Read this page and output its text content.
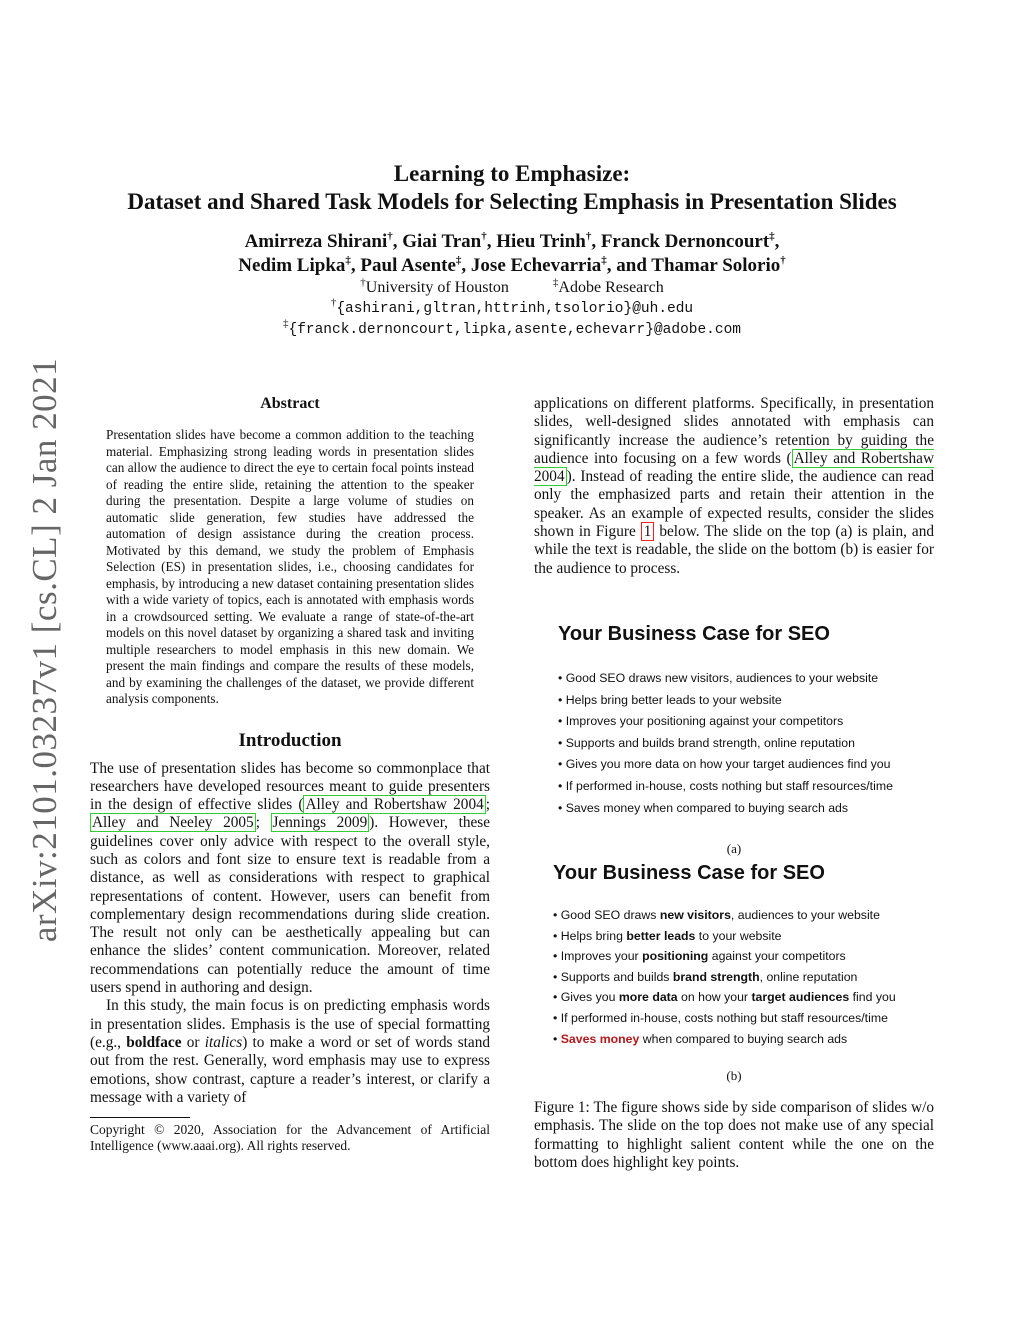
arXiv:2101.03237v1 [cs.CL] 2 Jan 2021
Learning to Emphasize:
Dataset and Shared Task Models for Selecting Emphasis in Presentation Slides
Amirreza Shirani†, Giai Tran†, Hieu Trinh†, Franck Dernoncourt‡,
Nedim Lipka‡, Paul Asente‡, Jose Echevarria‡, and Thamar Solorio†
†University of Houston	‡Adobe Research
†{ashirani,gltran,httrinh,tsolorio}@uh.edu
‡{franck.dernoncourt,lipka,asente,echevarr}@adobe.com
Abstract

Presentation slides have become a common addition to the teaching material. Emphasizing strong leading words in presentation slides can allow the audience to direct the eye to certain focal points instead of reading the entire slide, retaining the attention to the speaker during the presentation. Despite a large volume of studies on automatic slide generation, few studies have addressed the automation of design assistance during the creation process. Motivated by this demand, we study the problem of Emphasis Selection (ES) in presentation slides, i.e., choosing candidates for emphasis, by introducing a new dataset containing presentation slides with a wide variety of topics, each is annotated with emphasis words in a crowdsourced setting. We evaluate a range of state-of-the-art models on this novel dataset by organizing a shared task and inviting multiple researchers to model emphasis in this new domain. We present the main findings and compare the results of these models, and by examining the challenges of the dataset, we provide different analysis components.

Introduction

The use of presentation slides has become so commonplace that researchers have developed resources meant to guide presenters in the design of effective slides ( Alley and Robertshaw 2004 ; Alley and Neeley 2005 ; Jennings 2009 ). However, these guidelines cover only advice with respect to the overall style, such as colors and font size to ensure text is readable from a distance, as well as considerations with respect to graphical representations of content. However, users can benefit from complementary design recommendations during slide creation. The result not only can be aesthetically appealing but can enhance the slides’ content communication. Moreover, related recommendations can potentially reduce the amount of time users spend in authoring and design.

In this study, the main focus is on predicting emphasis words in presentation slides. Emphasis is the use of special formatting (e.g., boldface or italics) to make a word or set of words stand out from the rest. Generally, word emphasis may use to express emotions, show contrast, capture a reader’s interest, or clarify a message with a variety of

Copyright © 2020, Association for the Advancement of Artificial Intelligence (www.aaai.org). All rights reserved.

applications on different platforms. Specifically, in presentation slides, well-designed slides annotated with emphasis can significantly increase the audience’s retention by guiding the audience into focusing on a few words ( Alley and Robertshaw 2004 ). Instead of reading the entire slide, the audience can read only the emphasized parts and retain their attention in the speaker. As an example of expected results, consider the slides shown in Figure 1 below. The slide on the top (a) is plain, and while the text is readable, the slide on the bottom (b) is easier for the audience to process.

Your Business Case for SEO
• Good SEO draws new visitors, audiences to your website
• Helps bring better leads to your website
• Improves your positioning against your competitors
• Supports and builds brand strength, online reputation
• Gives you more data on how your target audiences find you
• If performed in-house, costs nothing but staff resources/time
• Saves money when compared to buying search ads
(a)
Your Business Case for SEO
• Good SEO draws new visitors, audiences to your website
• Helps bring better leads to your website
• Improves your positioning against your competitors
• Supports and builds brand strength, online reputation
• Gives you more data on how your target audiences find you
• If performed in-house, costs nothing but staff resources/time
• Saves money when compared to buying search ads
(b)
Figure 1: The figure shows side by side comparison of slides w/o emphasis. The slide on the top does not make use of any special formatting to highlight salient content while the one on the bottom does highlight key points.
